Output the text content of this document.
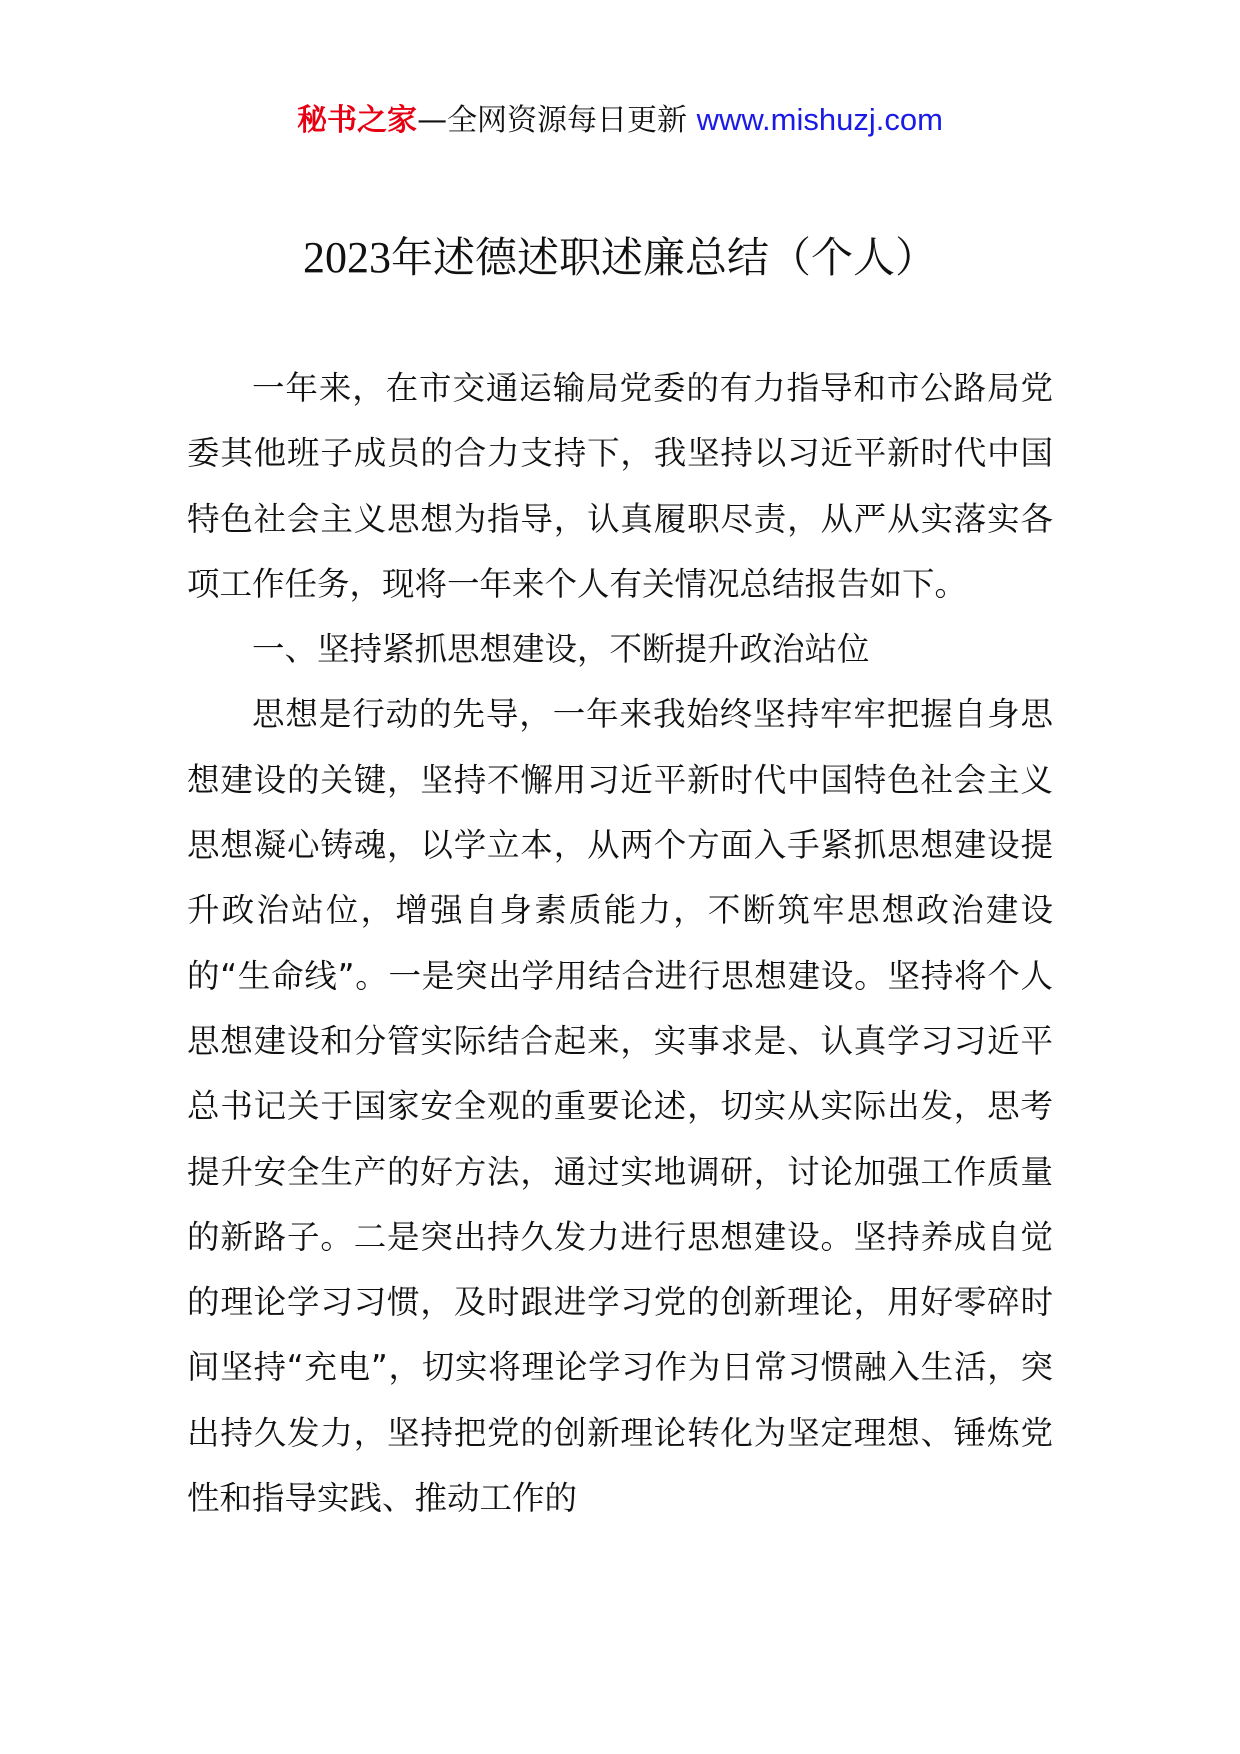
秘书之家—全网资源每日更新 www.mishuzj.com
2023年述德述职述廉总结（个人）

一年来，在市交通运输局党委的有力指导和市公路局党委其他班子成员的合力支持下，我坚持以习近平新时代中国特色社会主义思想为指导，认真履职尽责，从严从实落实各项工作任务，现将一年来个人有关情况总结报告如下。

一、坚持紧抓思想建设，不断提升政治站位

思想是行动的先导，一年来我始终坚持牢牢把握自身思想建设的关键，坚持不懈用习近平新时代中国特色社会主义思想凝心铸魂，以学立本，从两个方面入手紧抓思想建设提升政治站位，增强自身素质能力，不断筑牢思想政治建设的“生命线”。一是突出学用结合进行思想建设。坚持将个人思想建设和分管实际结合起来，实事求是、认真学习习近平总书记关于国家安全观的重要论述，切实从实际出发，思考提升安全生产的好方法，通过实地调研，讨论加强工作质量的新路子。二是突出持久发力进行思想建设。坚持养成自觉的理论学习习惯，及时跟进学习党的创新理论，用好零碎时间坚持“充电”，切实将理论学习作为日常习惯融入生活，突出持久发力，坚持把党的创新理论转化为坚定理想、锤炼党性和指导实践、推动工作的
